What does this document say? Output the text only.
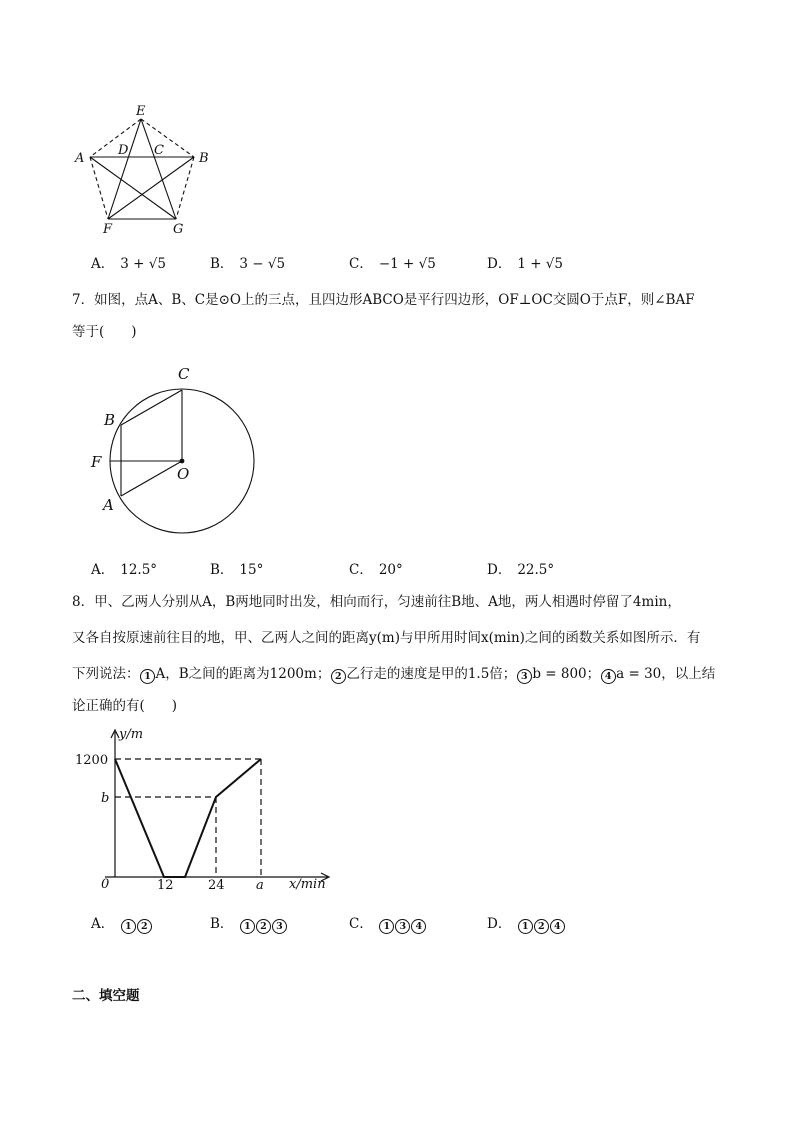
E
A	B
D C
F	G
A． 3 + √5	B． 3 − √5	C． −1 + √5	D． 1 + √5
7．如图，点A、B、C是⊙O上的三点，且四边形ABCO是平行四边形，OF⊥OC交圆O于点F，则∠BAF
等于(　　)
C
B
F
O
A
A． 12.5°	B． 15°	C． 20°	D． 22.5°
8．甲、乙两人分别从A，B两地同时出发，相向而行，匀速前往B地、A地，两人相遇时停留了4min，
又各自按原速前往目的地，甲、乙两人之间的距离y(m)与甲所用时间x(min)之间的函数关系如图所示．有
下列说法： 1 A，B之间的距离为1200m； 2 乙行走的速度是甲的1.5倍； 3 b = 800； 4 a = 30，以上结
论正确的有(　　)
y/m
x/min
0
1200
b
12	24 a
A． 1 2	B． 1 2 3	C． 1 3 4	D． 1 2 4
二、填空题
